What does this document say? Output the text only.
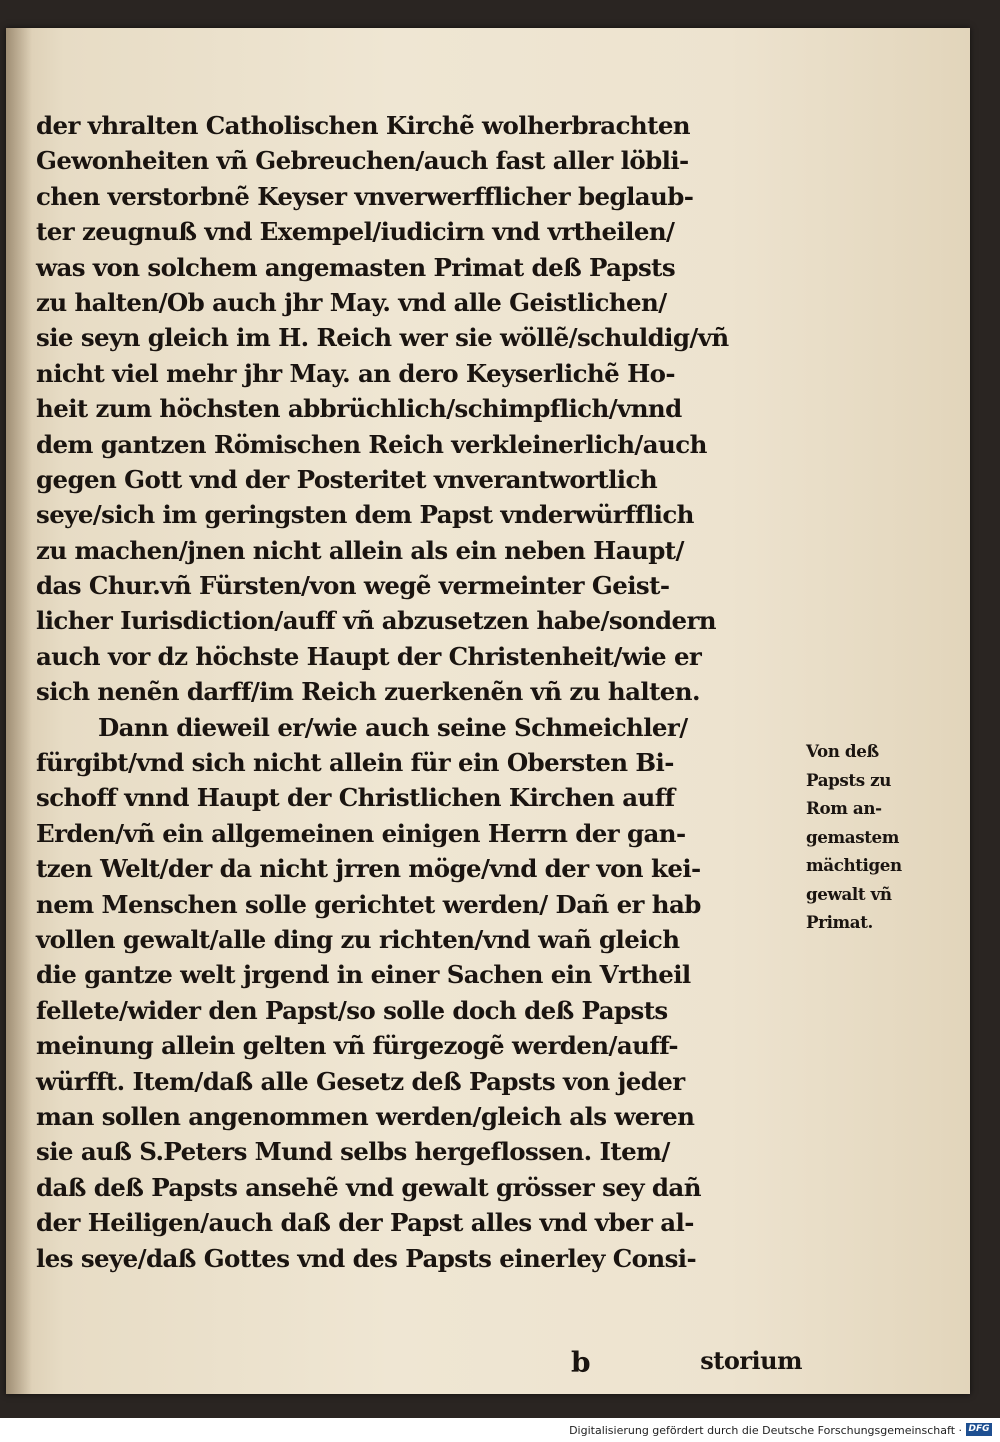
der vhralten Catholischen Kirchẽ wolherbrachten
Gewonheiten vñ Gebreuchen/auch fast aller löbli-
chen verstorbnẽ Keyser vnverwerfflicher beglaub-
ter zeugnuß vnd Exempel/iudicirn vnd vrtheilen/
was von solchem angemasten Primat deß Papsts
zu halten/Ob auch jhr May. vnd alle Geistlichen/
sie seyn gleich im H. Reich wer sie wöllẽ/schuldig/vñ
nicht viel mehr jhr May. an dero Keyserlichẽ Ho-
heit zum höchsten abbrüchlich/schimpflich/vnnd
dem gantzen Römischen Reich verkleinerlich/auch
gegen Gott vnd der Posteritet vnverantwortlich
seye/sich im geringsten dem Papst vnderwürfflich
zu machen/jnen nicht allein als ein neben Haupt/
das Chur.vñ Fürsten/von wegẽ vermeinter Geist-
licher Iurisdiction/auff vñ abzusetzen habe/sondern
auch vor dz höchste Haupt der Christenheit/wie er
sich nenẽn darff/im Reich zuerkenẽn vñ zu halten.
Dann dieweil er/wie auch seine Schmeichler/
fürgibt/vnd sich nicht allein für ein Obersten Bi-
schoff vnnd Haupt der Christlichen Kirchen auff
Erden/vñ ein allgemeinen einigen Herrn der gan-
tzen Welt/der da nicht jrren möge/vnd der von kei-
nem Menschen solle gerichtet werden/ Dañ er hab
vollen gewalt/alle ding zu richten/vnd wañ gleich
die gantze welt jrgend in einer Sachen ein Vrtheil
fellete/wider den Papst/so solle doch deß Papsts
meinung allein gelten vñ fürgezogẽ werden/auff-
würfft. Item/daß alle Gesetz deß Papsts von jeder
man sollen angenommen werden/gleich als weren
sie auß S.Peters Mund selbs hergeflossen. Item/
daß deß Papsts ansehẽ vnd gewalt grösser sey dañ
der Heiligen/auch daß der Papst alles vnd vber al-
les seye/daß Gottes vnd des Papsts einerley Consi-
Von deß
Papsts zu
Rom an-
gemastem
mächtigen
gewalt vñ
Primat.
b	storium
Digitalisierung gefördert durch die Deutsche Forschungsgemeinschaft · DFG
